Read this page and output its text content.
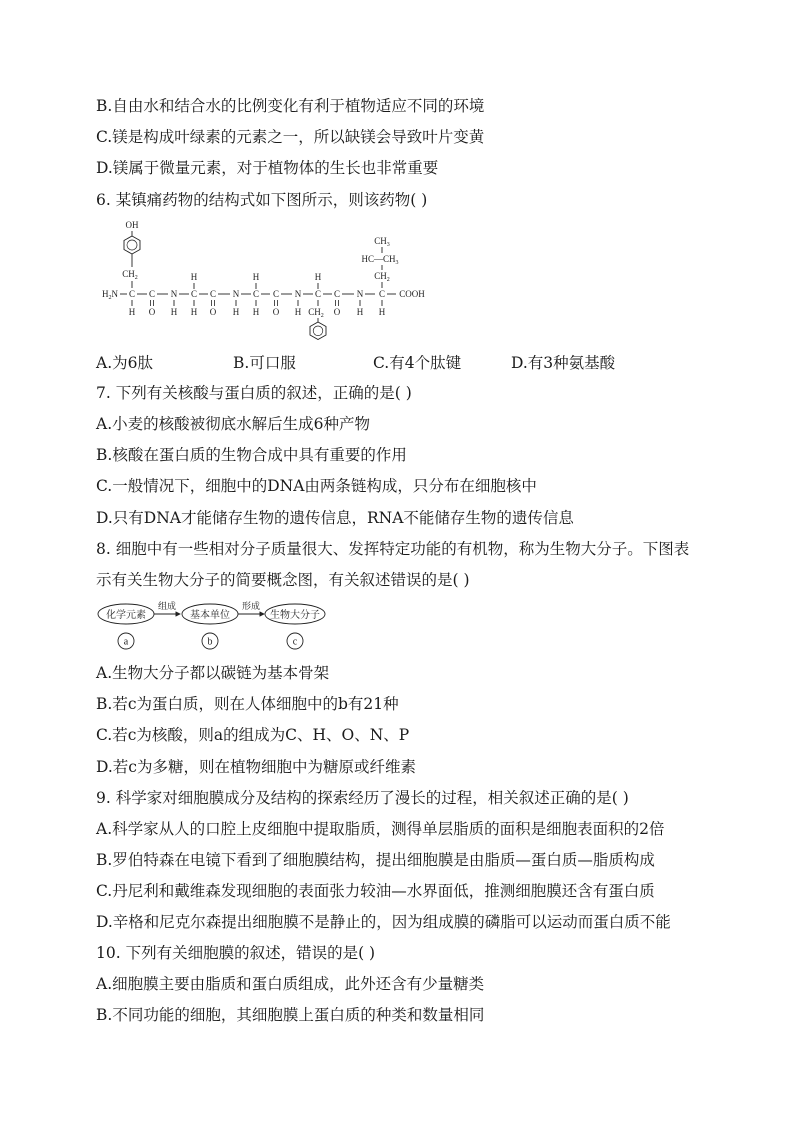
B.自由水和结合水的比例变化有利于植物适应不同的环境
C.镁是构成叶绿素的元素之一，所以缺镁会导致叶片变黄
D.镁属于微量元素，对于植物体的生长也非常重要
6. 某镇痛药物的结构式如下图所示，则该药物( )
OH
$CH_2$
$H_2N$ C
H
C
O
N
H
H
C
H
C
O
N
H
H
C
H
C
O
N
H
H
C
$CH_2$
C
O
N
H
$CH_3$
$HC—CH_3$
$CH_2$
C
H
COOH
A.为6肽	B.可口服	C.有4个肽键	D.有3种氨基酸
7. 下列有关核酸与蛋白质的叙述，正确的是( )
A.小麦的核酸被彻底水解后生成6种产物
B.核酸在蛋白质的生物合成中具有重要的作用
C.一般情况下，细胞中的DNA由两条链构成，只分布在细胞核中
D.只有DNA才能储存生物的遗传信息，RNA不能储存生物的遗传信息
8. 细胞中有一些相对分子质量很大、发挥特定功能的有机物，称为生物大分子。下图表
示有关生物大分子的简要概念图，有关叙述错误的是( )
化学元素
组成
基本单位
形成
生物大分子
a	b	c
A.生物大分子都以碳链为基本骨架
B.若c为蛋白质，则在人体细胞中的b有21种
C.若c为核酸，则a的组成为C、H、O、N、P
D.若c为多糖，则在植物细胞中为糖原或纤维素
9. 科学家对细胞膜成分及结构的探索经历了漫长的过程，相关叙述正确的是( )
A.科学家从人的口腔上皮细胞中提取脂质，测得单层脂质的面积是细胞表面积的2倍
B.罗伯特森在电镜下看到了细胞膜结构，提出细胞膜是由脂质—蛋白质—脂质构成
C.丹尼利和戴维森发现细胞的表面张力较油—水界面低，推测细胞膜还含有蛋白质
D.辛格和尼克尔森提出细胞膜不是静止的，因为组成膜的磷脂可以运动而蛋白质不能
10. 下列有关细胞膜的叙述，错误的是( )
A.细胞膜主要由脂质和蛋白质组成，此外还含有少量糖类
B.不同功能的细胞，其细胞膜上蛋白质的种类和数量相同
